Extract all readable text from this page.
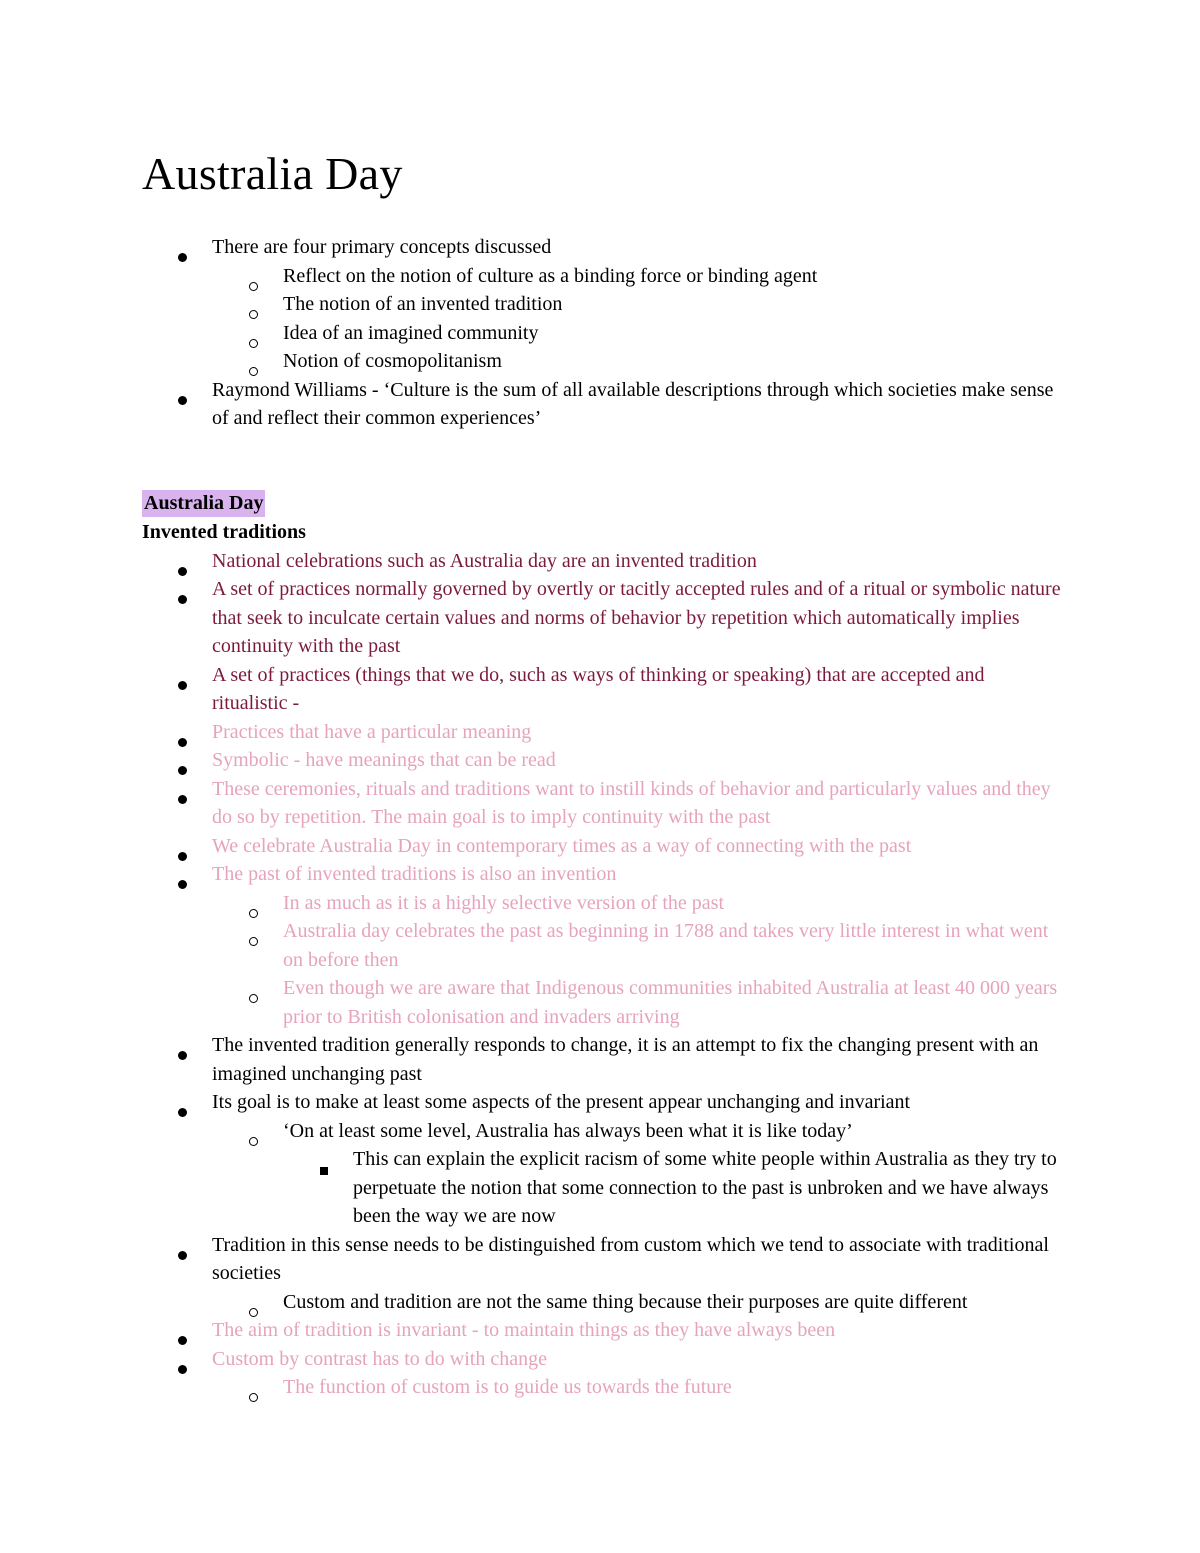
Australia Day
There are four primary concepts discussed
Reflect on the notion of culture as a binding force or binding agent
The notion of an invented tradition
Idea of an imagined community
Notion of cosmopolitanism
Raymond Williams - ‘Culture is the sum of all available descriptions through which societies make sense of and reflect their common experiences’
Australia Day
Invented traditions
National celebrations such as Australia day are an invented tradition
A set of practices normally governed by overtly or tacitly accepted rules and of a ritual or symbolic nature that seek to inculcate certain values and norms of behavior by repetition which automatically implies continuity with the past
A set of practices (things that we do, such as ways of thinking or speaking) that are accepted and ritualistic -
Practices that have a particular meaning
Symbolic - have meanings that can be read
These ceremonies, rituals and traditions want to instill kinds of behavior and particularly values and they do so by repetition. The main goal is to imply continuity with the past
We celebrate Australia Day in contemporary times as a way of connecting with the past
The past of invented traditions is also an invention
In as much as it is a highly selective version of the past
Australia day celebrates the past as beginning in 1788 and takes very little interest in what went on before then
Even though we are aware that Indigenous communities inhabited Australia at least 40 000 years prior to British colonisation and invaders arriving
The invented tradition generally responds to change, it is an attempt to fix the changing present with an imagined unchanging past
Its goal is to make at least some aspects of the present appear unchanging and invariant
‘On at least some level, Australia has always been what it is like today’
This can explain the explicit racism of some white people within Australia as they try to perpetuate the notion that some connection to the past is unbroken and we have always been the way we are now
Tradition in this sense needs to be distinguished from custom which we tend to associate with traditional societies
Custom and tradition are not the same thing because their purposes are quite different
The aim of tradition is invariant - to maintain things as they have always been
Custom by contrast has to do with change
The function of custom is to guide us towards the future
